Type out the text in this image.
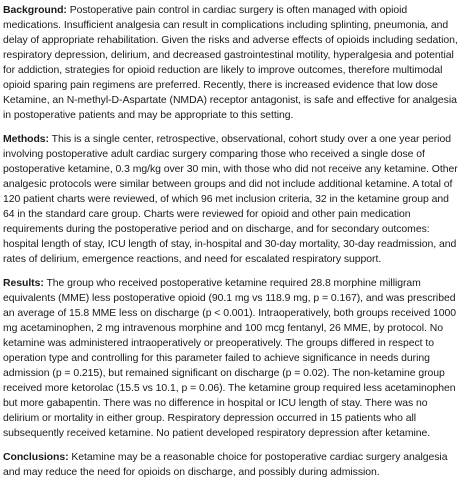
Background: Postoperative pain control in cardiac surgery is often managed with opioid medications. Insufficient analgesia can result in complications including splinting, pneumonia, and delay of appropriate rehabilitation. Given the risks and adverse effects of opioids including sedation, respiratory depression, delirium, and decreased gastrointestinal motility, hyperalgesia and potential for addiction, strategies for opioid reduction are likely to improve outcomes, therefore multimodal opioid sparing pain regimens are preferred. Recently, there is increased evidence that low dose Ketamine, an N-methyl-D-Aspartate (NMDA) receptor antagonist, is safe and effective for analgesia in postoperative patients and may be appropriate to this setting.

Methods: This is a single center, retrospective, observational, cohort study over a one year period involving postoperative adult cardiac surgery comparing those who received a single dose of postoperative ketamine, 0.3 mg/kg over 30 min, with those who did not receive any ketamine. Other analgesic protocols were similar between groups and did not include additional ketamine. A total of 120 patient charts were reviewed, of which 96 met inclusion criteria, 32 in the ketamine group and 64 in the standard care group. Charts were reviewed for opioid and other pain medication requirements during the postoperative period and on discharge, and for secondary outcomes: hospital length of stay, ICU length of stay, in-hospital and 30-day mortality, 30-day readmission, and rates of delirium, emergence reactions, and need for escalated respiratory support.

Results: The group who received postoperative ketamine required 28.8 morphine milligram equivalents (MME) less postoperative opioid (90.1 mg vs 118.9 mg, p = 0.167), and was prescribed an average of 15.8 MME less on discharge (p < 0.001). Intraoperatively, both groups received 1000 mg acetaminophen, 2 mg intravenous morphine and 100 mcg fentanyl, 26 MME, by protocol. No ketamine was administered intraoperatively or preoperatively. The groups differed in respect to operation type and controlling for this parameter failed to achieve significance in needs during admission (p = 0.215), but remained significant on discharge (p = 0.02). The non-ketamine group received more ketorolac (15.5 vs 10.1, p = 0.06). The ketamine group required less acetaminophen but more gabapentin. There was no difference in hospital or ICU length of stay. There was no delirium or mortality in either group. Respiratory depression occurred in 15 patients who all subsequently received ketamine. No patient developed respiratory depression after ketamine.

Conclusions: Ketamine may be a reasonable choice for postoperative cardiac surgery analgesia and may reduce the need for opioids on discharge, and possibly during admission.
